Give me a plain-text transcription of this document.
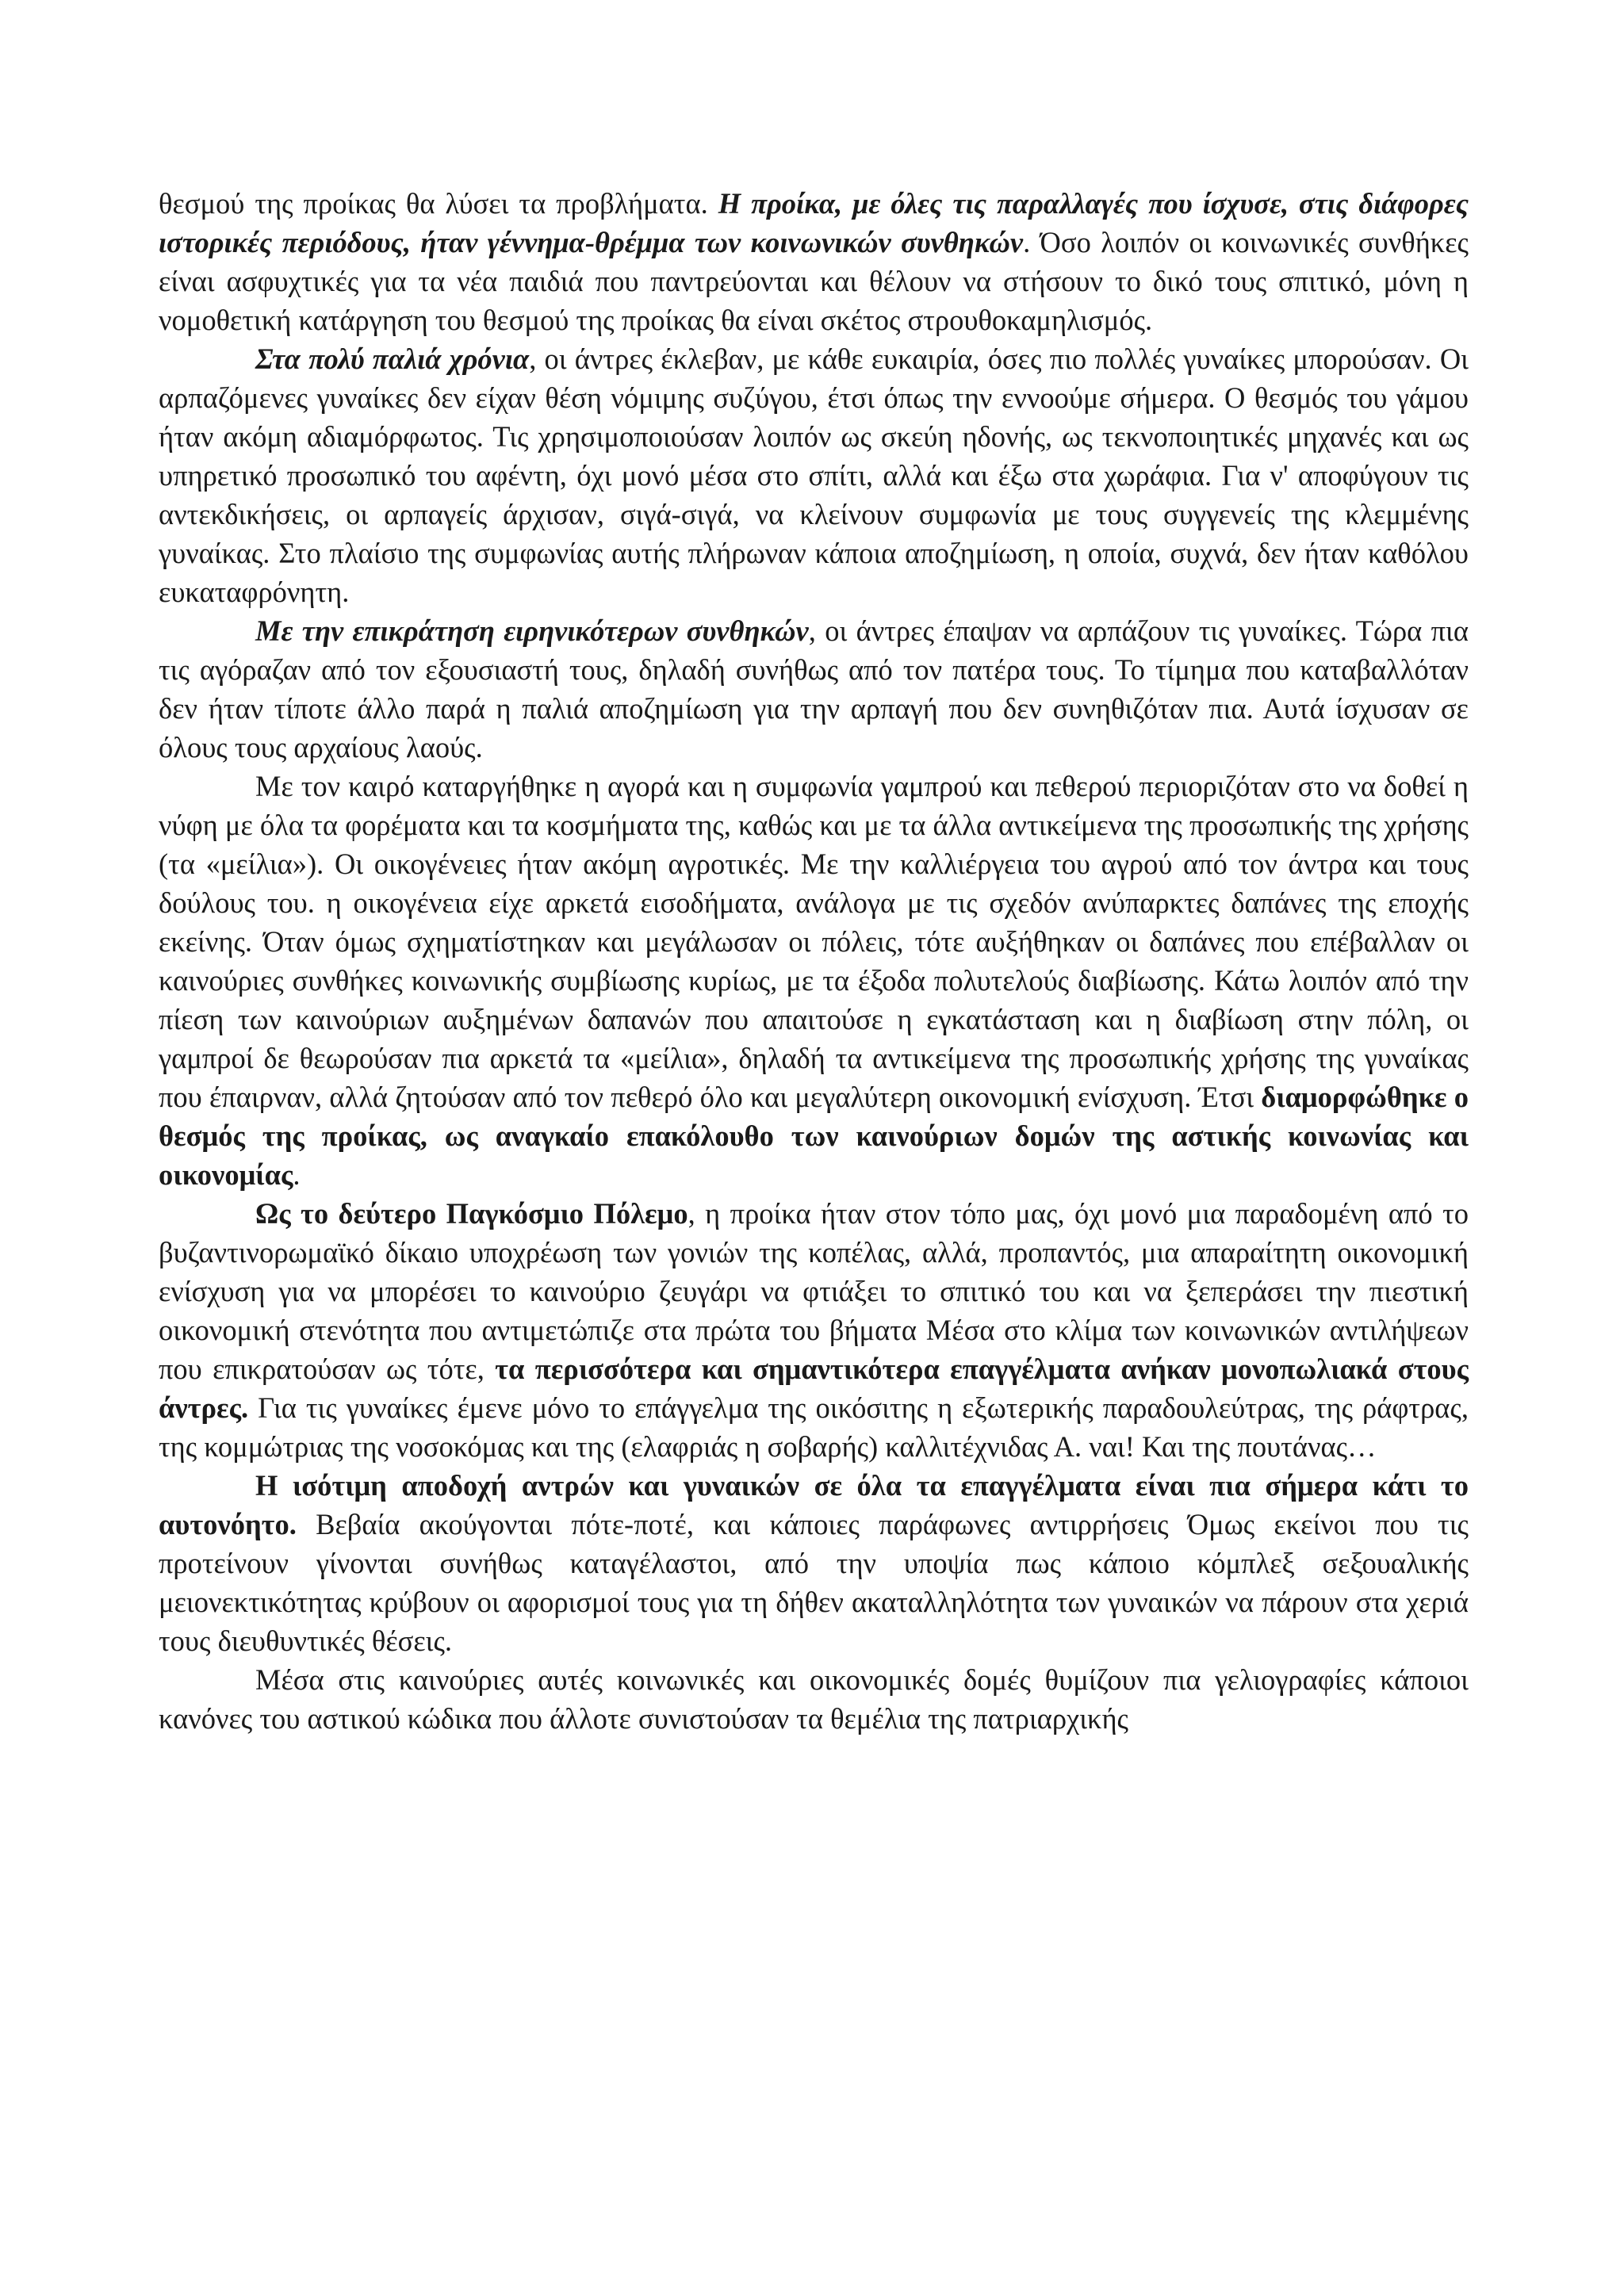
θεσμού της προίκας θα λύσει τα προβλήματα. Η προίκα, με όλες τις παραλλαγές που ίσχυσε, στις διάφορες ιστορικές περιόδους, ήταν γέννημα-θρέμμα των κοινωνικών συνθηκών. Όσο λοιπόν οι κοινωνικές συνθήκες είναι ασφυχτικές για τα νέα παιδιά που παντρεύονται και θέλουν να στήσουν το δικό τους σπιτικό, μόνη η νομοθετική κατάργηση του θεσμού της προίκας θα είναι σκέτος στρουθοκαμηλισμός.

Στα πολύ παλιά χρόνια, οι άντρες έκλεβαν, με κάθε ευκαιρία, όσες πιο πολλές γυναίκες μπορούσαν. Οι αρπαζόμενες γυναίκες δεν είχαν θέση νόμιμης συζύγου, έτσι όπως την εννοούμε σήμερα. Ο θεσμός του γάμου ήταν ακόμη αδιαμόρφωτος. Τις χρησιμοποιούσαν λοιπόν ως σκεύη ηδονής, ως τεκνοποιητικές μηχανές και ως υπηρετικό προσωπικό του αφέντη, όχι μονό μέσα στο σπίτι, αλλά και έξω στα χωράφια. Για ν' αποφύγουν τις αντεκδικήσεις, οι αρπαγείς άρχισαν, σιγά-σιγά, να κλείνουν συμφωνία με τους συγγενείς της κλεμμένης γυναίκας. Στο πλαίσιο της συμφωνίας αυτής πλήρωναν κάποια αποζημίωση, η οποία, συχνά, δεν ήταν καθόλου ευκαταφρόνητη.

Με την επικράτηση ειρηνικότερων συνθηκών, οι άντρες έπαψαν να αρπάζουν τις γυναίκες. Τώρα πια τις αγόραζαν από τον εξουσιαστή τους, δηλαδή συνήθως από τον πατέρα τους. Το τίμημα που καταβαλλόταν δεν ήταν τίποτε άλλο παρά η παλιά αποζημίωση για την αρπαγή που δεν συνηθιζόταν πια. Αυτά ίσχυσαν σε όλους τους αρχαίους λαούς.

Με τον καιρό καταργήθηκε η αγορά και η συμφωνία γαμπρού και πεθερού περιοριζόταν στο να δοθεί η νύφη με όλα τα φορέματα και τα κοσμήματα της, καθώς και με τα άλλα αντικείμενα της προσωπικής της χρήσης (τα «μείλια»). Οι οικογένειες ήταν ακόμη αγροτικές. Με την καλλιέργεια του αγρού από τον άντρα και τους δούλους του. η οικογένεια είχε αρκετά εισοδήματα, ανάλογα με τις σχεδόν ανύπαρκτες δαπάνες της εποχής εκείνης. Όταν όμως σχηματίστηκαν και μεγάλωσαν οι πόλεις, τότε αυξήθηκαν οι δαπάνες που επέβαλλαν οι καινούριες συνθήκες κοινωνικής συμβίωσης κυρίως, με τα έξοδα πολυτελούς διαβίωσης. Κάτω λοιπόν από την πίεση των καινούριων αυξημένων δαπανών που απαιτούσε η εγκατάσταση και η διαβίωση στην πόλη, οι γαμπροί δε θεωρούσαν πια αρκετά τα «μείλια», δηλαδή τα αντικείμενα της προσωπικής χρήσης της γυναίκας που έπαιρναν, αλλά ζητούσαν από τον πεθερό όλο και μεγαλύτερη οικονομική ενίσχυση. Έτσι διαμορφώθηκε ο θεσμός της προίκας, ως αναγκαίο επακόλουθο των καινούριων δομών της αστικής κοινωνίας και οικονομίας.

Ως το δεύτερο Παγκόσμιο Πόλεμο, η προίκα ήταν στον τόπο μας, όχι μονό μια παραδομένη από το βυζαντινορωμαϊκό δίκαιο υποχρέωση των γονιών της κοπέλας, αλλά, προπαντός, μια απαραίτητη οικονομική ενίσχυση για να μπορέσει το καινούριο ζευγάρι να φτιάξει το σπιτικό του και να ξεπεράσει την πιεστική οικονομική στενότητα που αντιμετώπιζε στα πρώτα του βήματα Μέσα στο κλίμα των κοινωνικών αντιλήψεων που επικρατούσαν ως τότε, τα περισσότερα και σημαντικότερα επαγγέλματα ανήκαν μονοπωλιακά στους άντρες. Για τις γυναίκες έμενε μόνο το επάγγελμα της οικόσιτης η εξωτερικής παραδουλεύτρας, της ράφτρας, της κομμώτριας της νοσοκόμας και της (ελαφριάς η σοβαρής) καλλιτέχνιδας Α. ναι! Και της πουτάνας…

Η ισότιμη αποδοχή αντρών και γυναικών σε όλα τα επαγγέλματα είναι πια σήμερα κάτι το αυτονόητο. Βεβαία ακούγονται πότε-ποτέ, και κάποιες παράφωνες αντιρρήσεις Όμως εκείνοι που τις προτείνουν γίνονται συνήθως καταγέλαστοι, από την υποψία πως κάποιο κόμπλεξ σεξουαλικής μειονεκτικότητας κρύβουν οι αφορισμοί τους για τη δήθεν ακαταλληλότητα των γυναικών να πάρουν στα χεριά τους διευθυντικές θέσεις.

Μέσα στις καινούριες αυτές κοινωνικές και οικονομικές δομές θυμίζουν πια γελιογραφίες κάποιοι κανόνες του αστικού κώδικα που άλλοτε συνιστούσαν τα θεμέλια της πατριαρχικής
